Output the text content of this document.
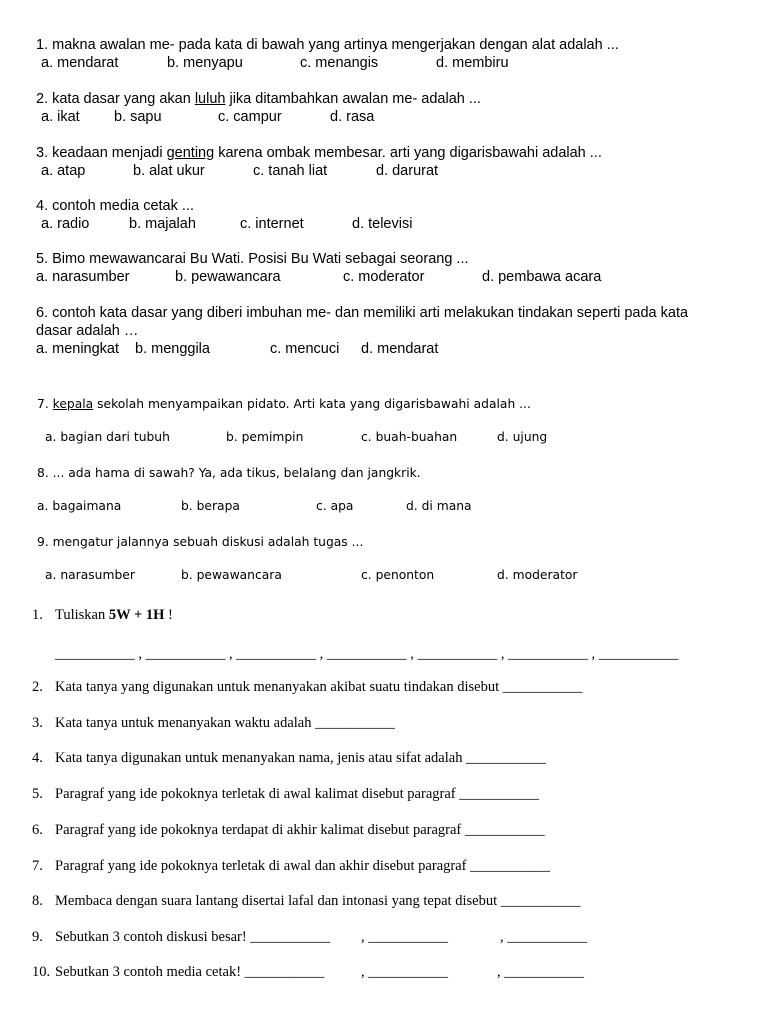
1. makna awalan me- pada kata di bawah yang artinya mengerjakan dengan alat adalah ...
a. mendarat	b. menyapu	c. menangis	d. membiru
2. kata dasar yang akan luluh jika ditambahkan awalan me- adalah ...
a. ikat b. sapu	c. campur	d. rasa
3. keadaan menjadi genting karena ombak membesar. arti yang digarisbawahi adalah ...
a. atap	b. alat ukur	c. tanah liat	d. darurat
4. contoh media cetak ...
a. radio	b. majalah	c. internet	d. televisi
5. Bimo mewawancarai Bu Wati. Posisi Bu Wati sebagai seorang ...
a. narasumber	b. pewawancara	c. moderator	d. pembawa acara
6. contoh kata dasar yang diberi imbuhan me- dan memiliki arti melakukan tindakan seperti pada kata
dasar adalah …
a. meningkat b. menggila	c. mencuci d. mendarat
7. kepala sekolah menyampaikan pidato. Arti kata yang digarisbawahi adalah ...
a. bagian dari tubuh	b. pemimpin	c. buah-buahan	d. ujung
8. ... ada hama di sawah? Ya, ada tikus, belalang dan jangkrik.
a. bagaimana	b. berapa	c. apa	d. di mana
9. mengatur jalannya sebuah diskusi adalah tugas ...
a. narasumber	b. pewawancara	c. penonton	d. moderator
1. Tuliskan 5W + 1H !
___________ , ___________ , ___________ , ___________ , ___________ , ___________ , ___________
2. Kata tanya yang digunakan untuk menanyakan akibat suatu tindakan disebut ___________
3. Kata tanya untuk menanyakan waktu adalah ___________
4. Kata tanya digunakan untuk menanyakan nama, jenis atau sifat adalah ___________
5. Paragraf yang ide pokoknya terletak di awal kalimat disebut paragraf ___________
6. Paragraf yang ide pokoknya terdapat di akhir kalimat disebut paragraf ___________
7. Paragraf yang ide pokoknya terletak di awal dan akhir disebut paragraf ___________
8. Membaca dengan suara lantang disertai lafal dan intonasi yang tepat disebut ___________
9. Sebutkan 3 contoh diskusi besar! ___________ , ___________	, ___________
10. Sebutkan 3 contoh media cetak! ___________	, ___________	, ___________
